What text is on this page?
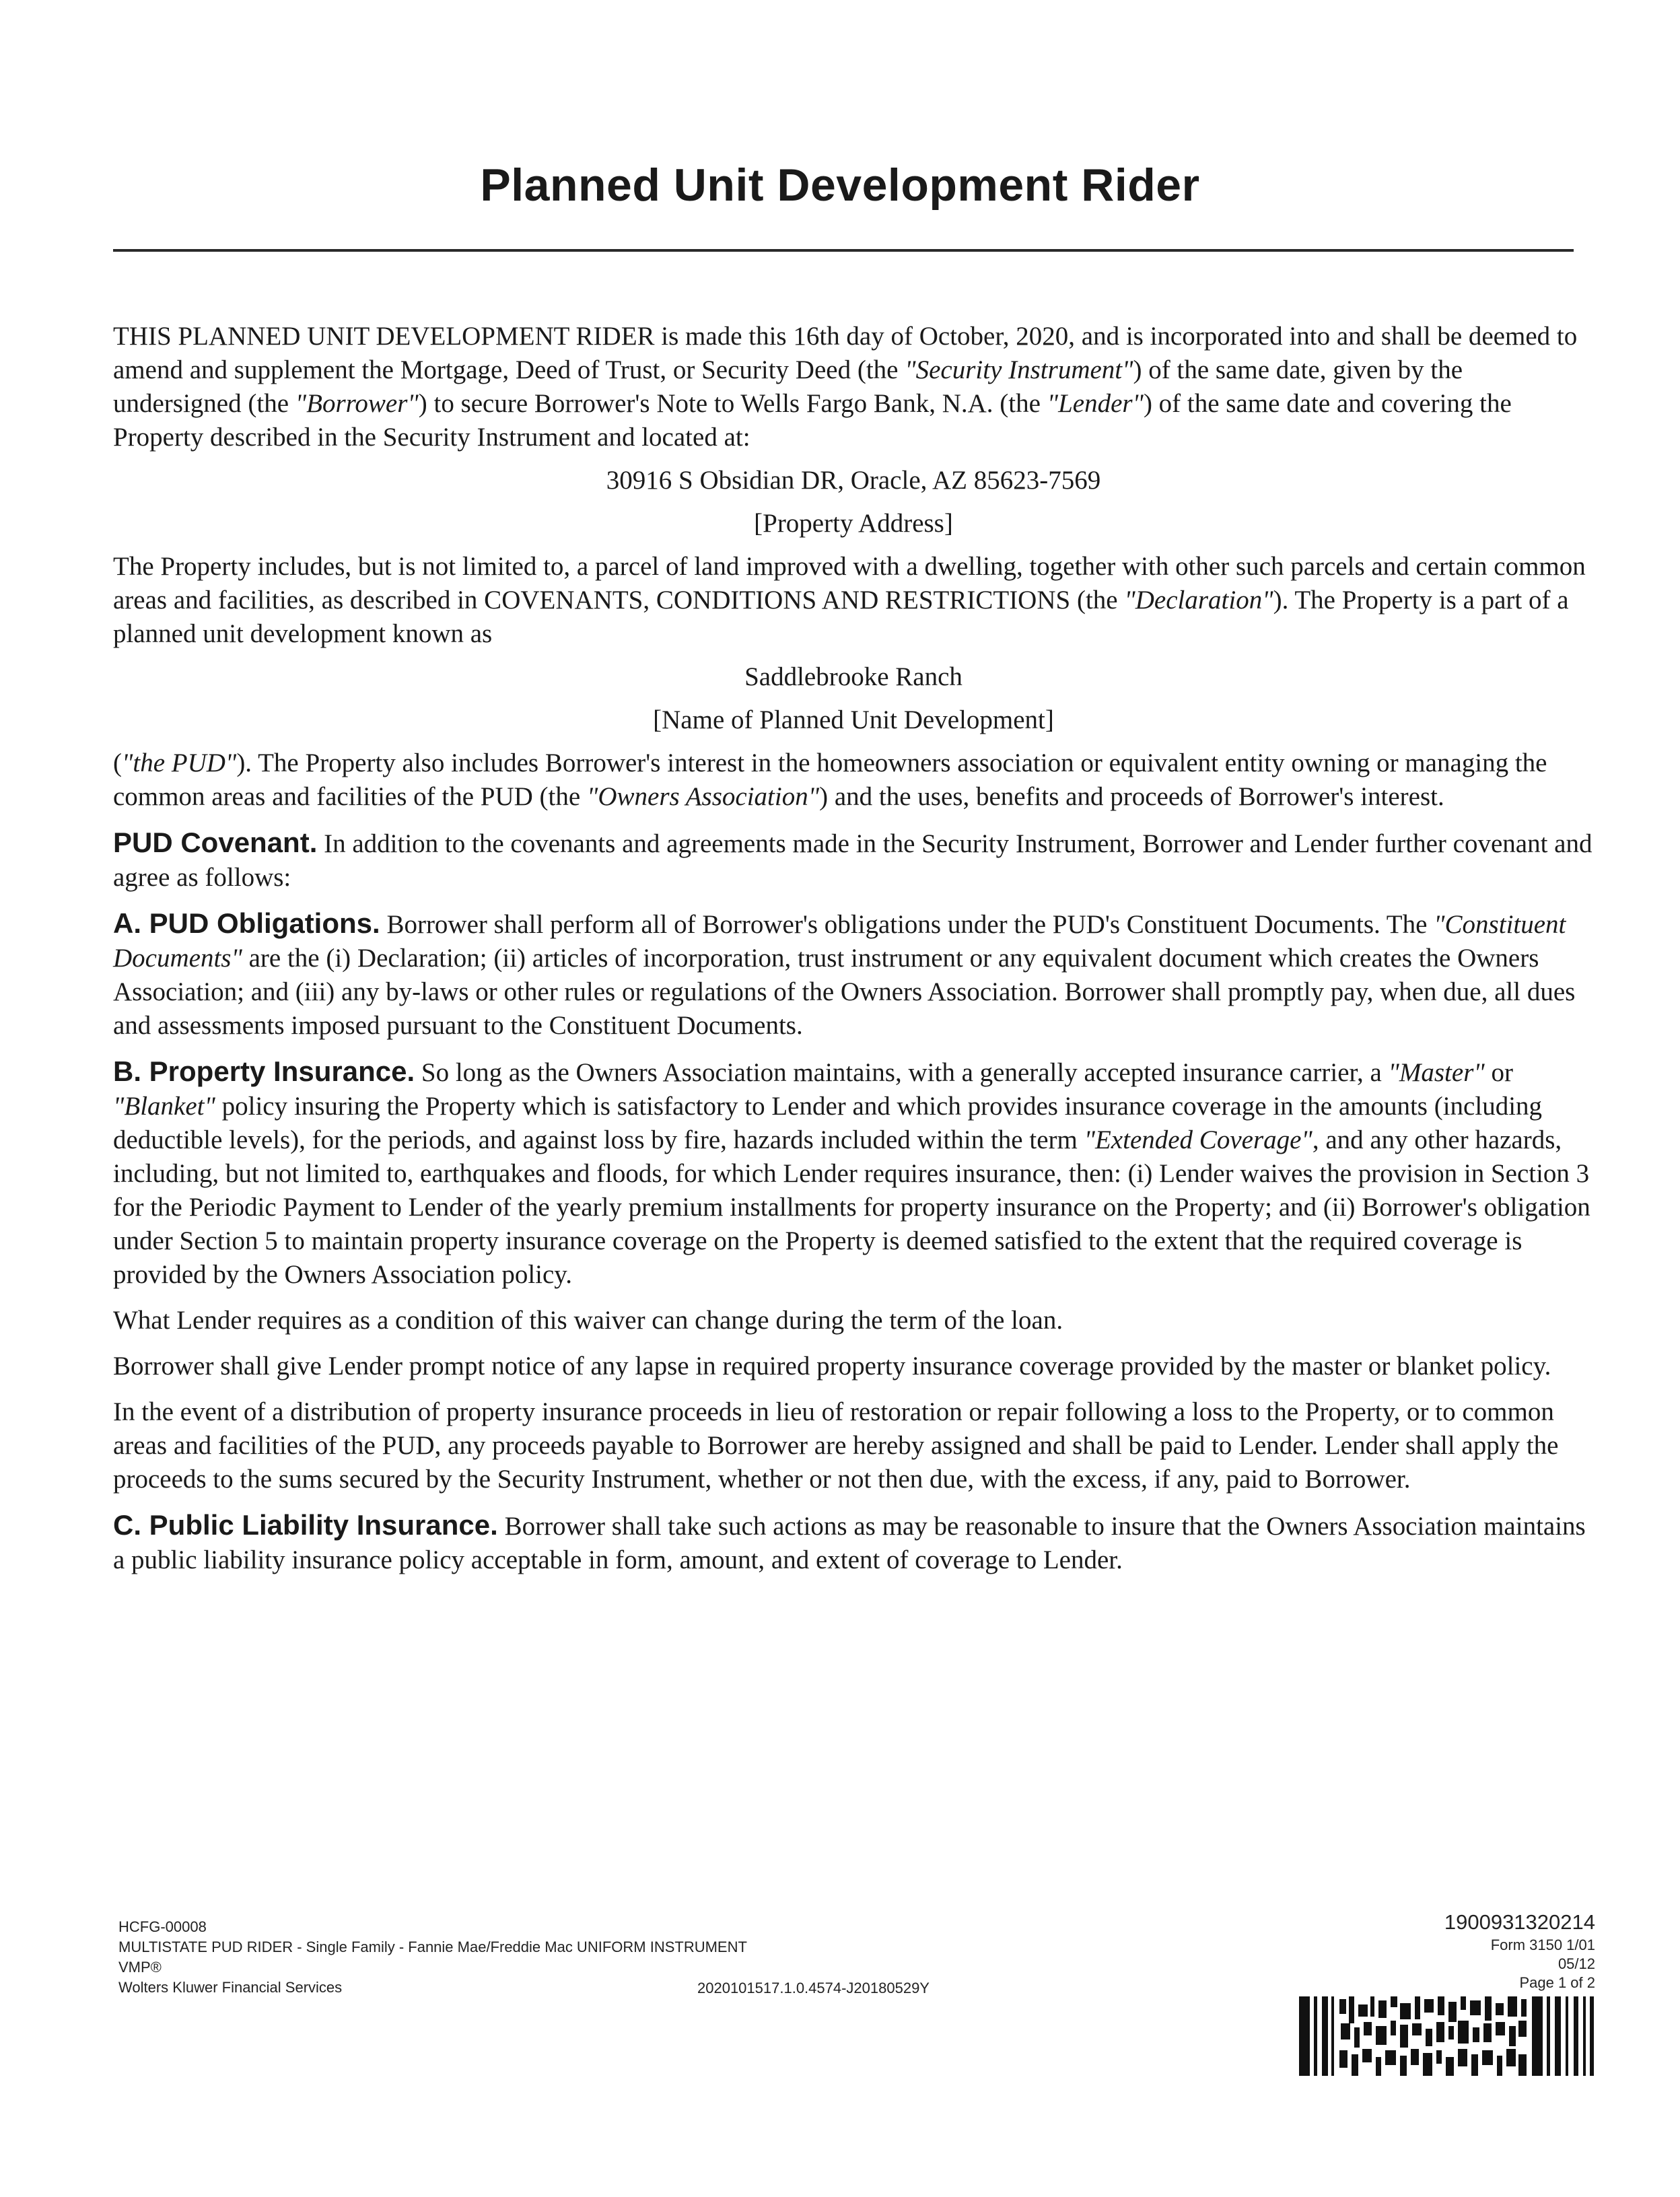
Planned Unit Development Rider

THIS PLANNED UNIT DEVELOPMENT RIDER is made this 16th day of October, 2020, and is incorporated into and shall be deemed to amend and supplement the Mortgage, Deed of Trust, or Security Deed (the "Security Instrument") of the same date, given by the undersigned (the "Borrower") to secure Borrower's Note to Wells Fargo Bank, N.A. (the "Lender") of the same date and covering the Property described in the Security Instrument and located at:

30916 S Obsidian DR, Oracle, AZ 85623-7569

[Property Address]

The Property includes, but is not limited to, a parcel of land improved with a dwelling, together with other such parcels and certain common areas and facilities, as described in COVENANTS, CONDITIONS AND RESTRICTIONS (the "Declaration"). The Property is a part of a planned unit development known as

Saddlebrooke Ranch

[Name of Planned Unit Development]

("the PUD"). The Property also includes Borrower's interest in the homeowners association or equivalent entity owning or managing the common areas and facilities of the PUD (the "Owners Association") and the uses, benefits and proceeds of Borrower's interest.

PUD Covenant. In addition to the covenants and agreements made in the Security Instrument, Borrower and Lender further covenant and agree as follows:

A. PUD Obligations. Borrower shall perform all of Borrower's obligations under the PUD's Constituent Documents. The "Constituent Documents" are the (i) Declaration; (ii) articles of incorporation, trust instrument or any equivalent document which creates the Owners Association; and (iii) any by-laws or other rules or regulations of the Owners Association. Borrower shall promptly pay, when due, all dues and assessments imposed pursuant to the Constituent Documents.

B. Property Insurance. So long as the Owners Association maintains, with a generally accepted insurance carrier, a "Master" or "Blanket" policy insuring the Property which is satisfactory to Lender and which provides insurance coverage in the amounts (including deductible levels), for the periods, and against loss by fire, hazards included within the term "Extended Coverage", and any other hazards, including, but not limited to, earthquakes and floods, for which Lender requires insurance, then: (i) Lender waives the provision in Section 3 for the Periodic Payment to Lender of the yearly premium installments for property insurance on the Property; and (ii) Borrower's obligation under Section 5 to maintain property insurance coverage on the Property is deemed satisfied to the extent that the required coverage is provided by the Owners Association policy.

What Lender requires as a condition of this waiver can change during the term of the loan.

Borrower shall give Lender prompt notice of any lapse in required property insurance coverage provided by the master or blanket policy.

In the event of a distribution of property insurance proceeds in lieu of restoration or repair following a loss to the Property, or to common areas and facilities of the PUD, any proceeds payable to Borrower are hereby assigned and shall be paid to Lender. Lender shall apply the proceeds to the sums secured by the Security Instrument, whether or not then due, with the excess, if any, paid to Borrower.

C. Public Liability Insurance. Borrower shall take such actions as may be reasonable to insure that the Owners Association maintains a public liability insurance policy acceptable in form, amount, and extent of coverage to Lender.

HCFG-00008
MULTISTATE PUD RIDER - Single Family - Fannie Mae/Freddie Mac UNIFORM INSTRUMENT
VMP®
Wolters Kluwer Financial Services	2020101517.1.0.4574-J20180529Y
1900931320214
Form 3150 1/01
05/12
Page 1 of 2
